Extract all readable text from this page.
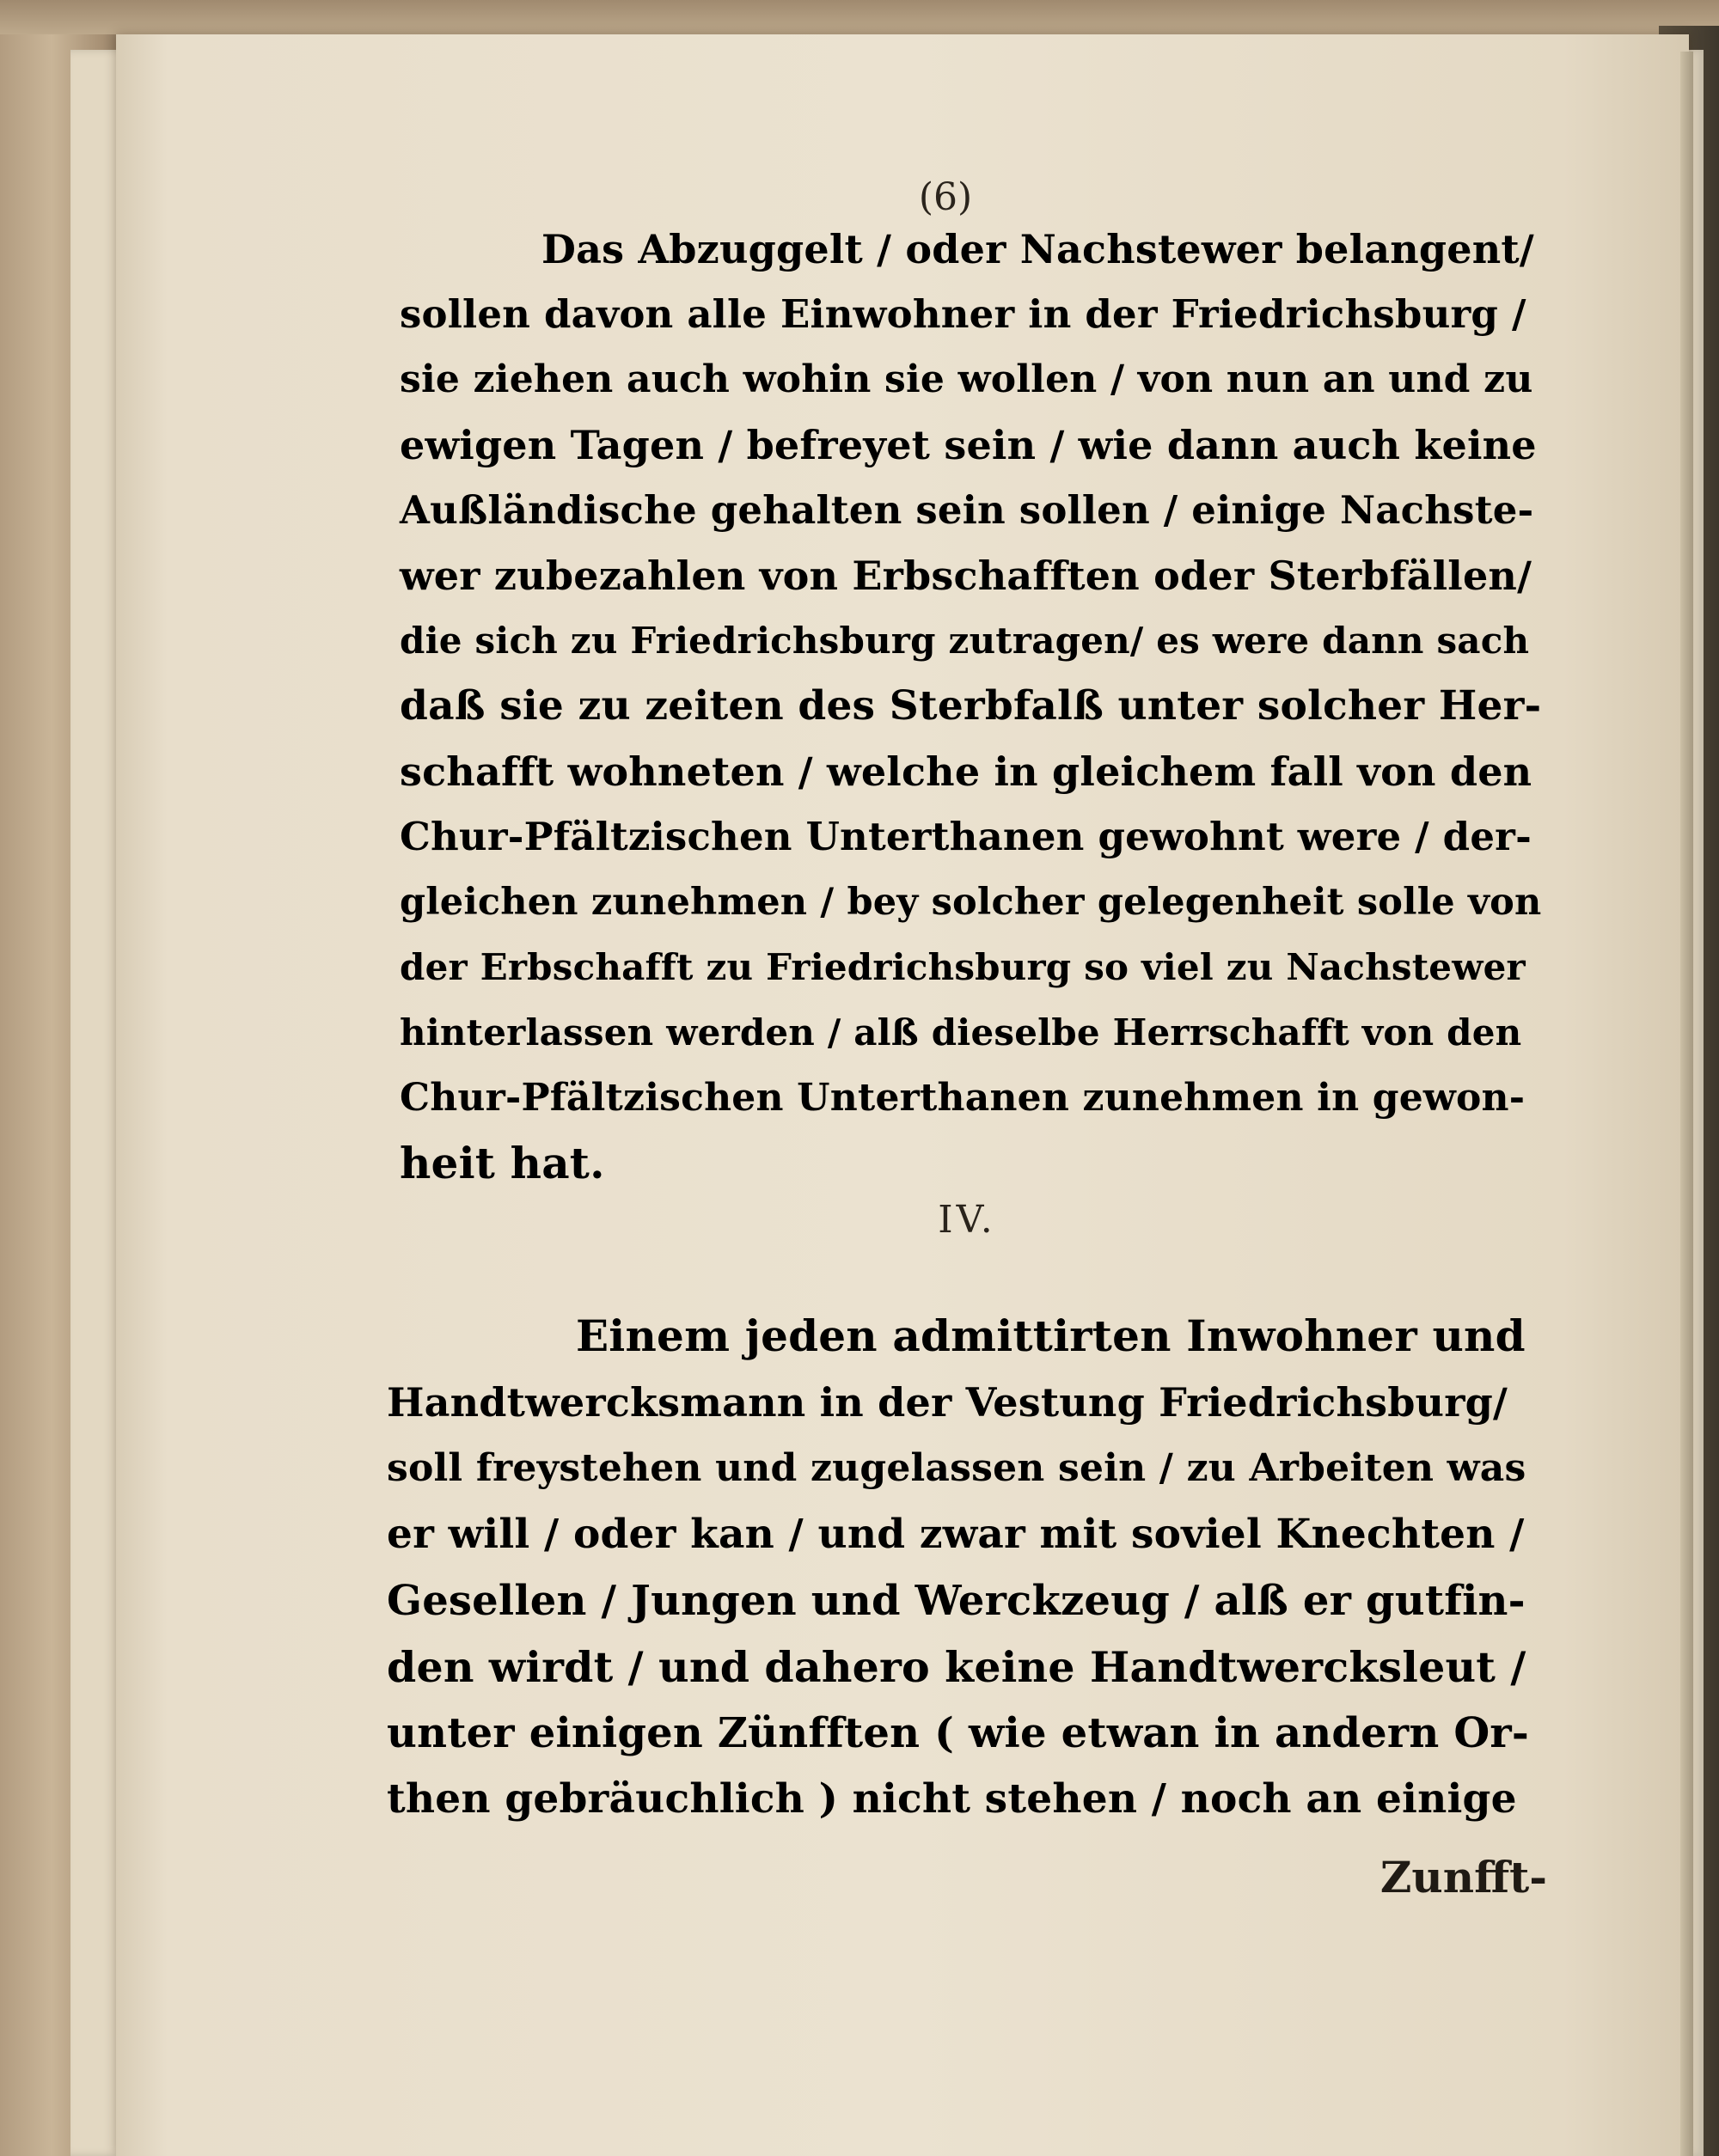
(6)
Das Abzuggelt / oder Nachstewer belangent/
sollen davon alle Einwohner in der Friedrichsburg /
sie ziehen auch wohin sie wollen / von nun an und zu
ewigen Tagen / befreyet sein / wie dann auch keine
Außländische gehalten sein sollen / einige Nachste-
wer zubezahlen von Erbschafften oder Sterbfällen/
die sich zu Friedrichsburg zutragen/ es were dann sach
daß sie zu zeiten des Sterbfalß unter solcher Her-
schafft wohneten / welche in gleichem fall von den
Chur-Pfältzischen Unterthanen gewohnt were / der-
gleichen zunehmen / bey solcher gelegenheit solle von
der Erbschafft zu Friedrichsburg so viel zu Nachstewer
hinterlassen werden / alß dieselbe Herrschafft von den
Chur-Pfältzischen Unterthanen zunehmen in gewon-
heit hat.
IV.
Einem jeden admittirten Inwohner und
Handtwercksmann in der Vestung Friedrichsburg/
soll freystehen und zugelassen sein / zu Arbeiten was
er will / oder kan / und zwar mit soviel Knechten /
Gesellen / Jungen und Werckzeug / alß er gutfin-
den wirdt / und dahero keine Handtwercksleut /
unter einigen Zünfften ( wie etwan in andern Or-
then gebräuchlich ) nicht stehen / noch an einige
Zunfft-
